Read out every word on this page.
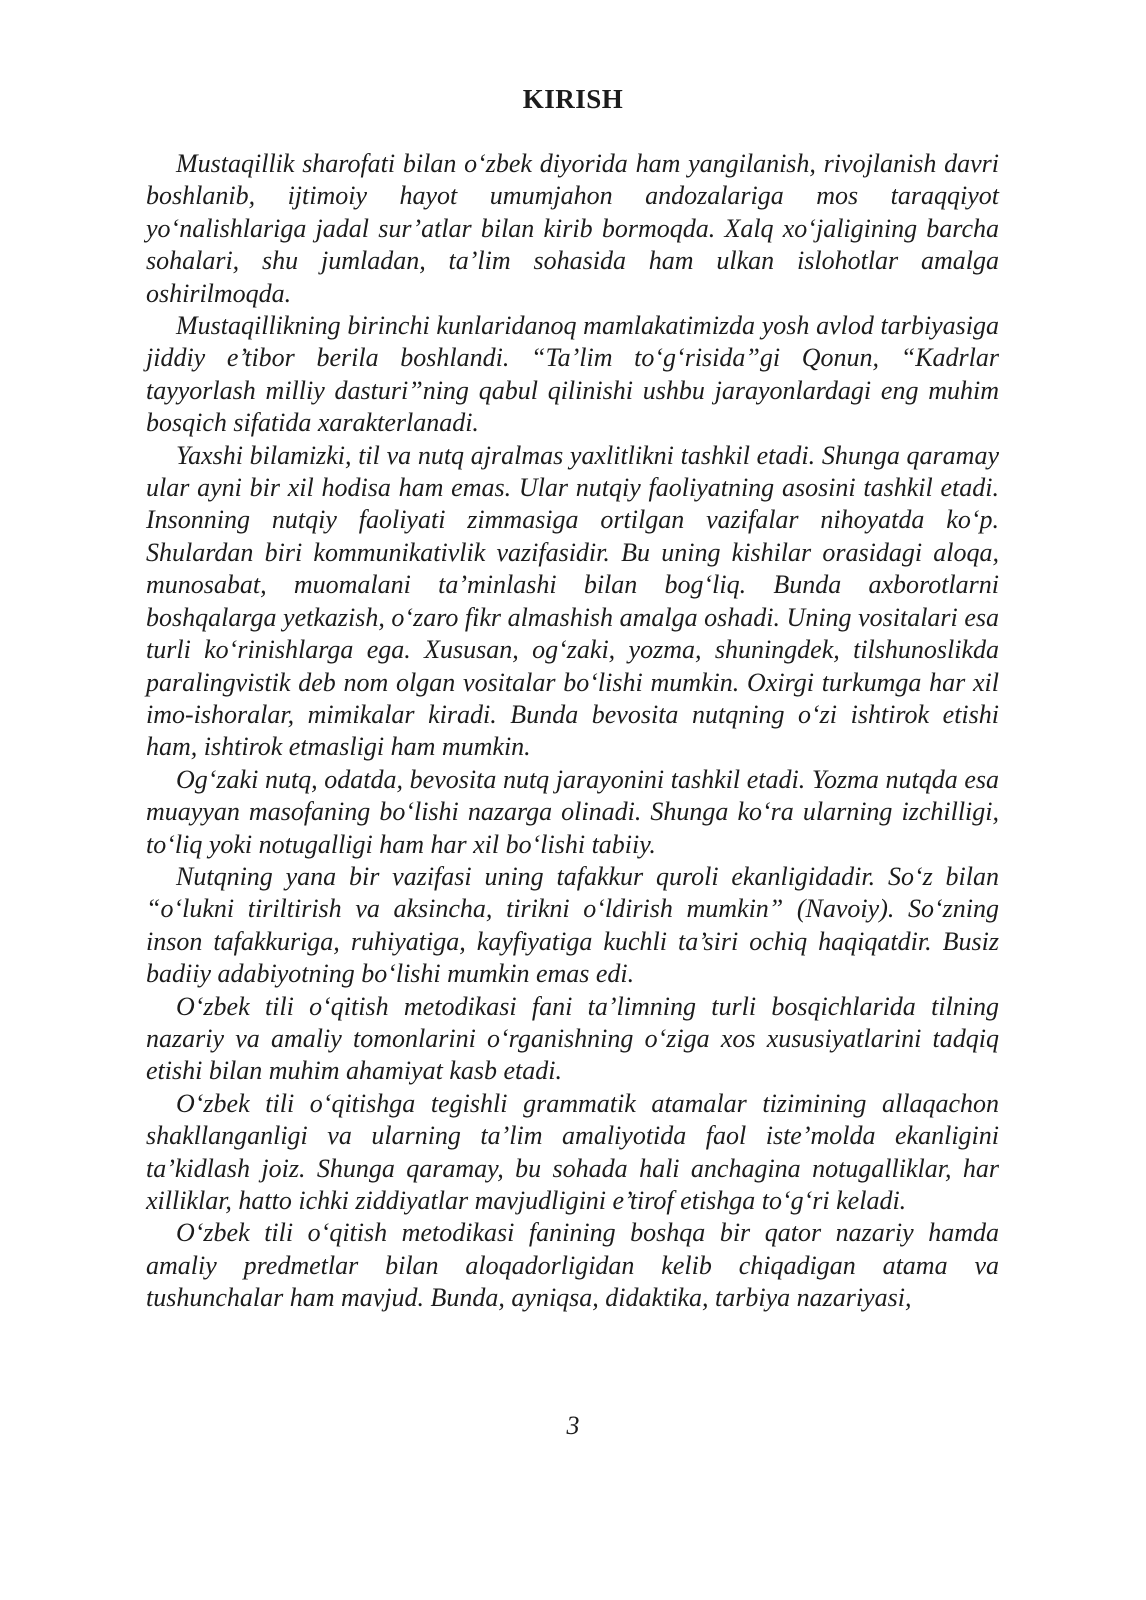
KIRISH

Mustaqillik sharofati bilan o‘zbek diyorida ham yangilanish, rivojlanish davri boshlanib, ijtimoiy hayot umumjahon andozalariga mos taraqqiyot yo‘nalishlariga jadal sur’atlar bilan kirib bormoqda. Xalq xo‘jaligining barcha sohalari, shu jumladan, ta’lim sohasida ham ulkan islohotlar amalga oshirilmoqda.

Mustaqillikning birinchi kunlaridanoq mamlakatimizda yosh avlod tarbiyasiga jiddiy e’tibor berila boshlandi. “Ta’lim to‘g‘risida”gi Qonun, “Kadrlar tayyorlash milliy dasturi”ning qabul qilinishi ushbu jarayonlardagi eng muhim bosqich sifatida xarakterlanadi.

Yaxshi bilamizki, til va nutq ajralmas yaxlitlikni tashkil etadi. Shunga qaramay ular ayni bir xil hodisa ham emas. Ular nutqiy faoliyatning asosini tashkil etadi. Insonning nutqiy faoliyati zimmasiga ortilgan vazifalar nihoyatda ko‘p. Shulardan biri kommunikativlik vazifasidir. Bu uning kishilar orasidagi aloqa, munosabat, muomalani ta’minlashi bilan bog‘liq. Bunda axborotlarni boshqalarga yetkazish, o‘zaro fikr almashish amalga oshadi. Uning vositalari esa turli ko‘rinishlarga ega. Xususan, og‘zaki, yozma, shuningdek, tilshunoslikda paralingvistik deb nom olgan vositalar bo‘lishi mumkin. Oxirgi turkumga har xil imo-ishoralar, mimikalar kiradi. Bunda bevosita nutqning o‘zi ishtirok etishi ham, ishtirok etmasligi ham mumkin.

Og‘zaki nutq, odatda, bevosita nutq jarayonini tashkil etadi. Yozma nutqda esa muayyan masofaning bo‘lishi nazarga olinadi. Shunga ko‘ra ularning izchilligi, to‘liq yoki notugalligi ham har xil bo‘lishi tabiiy.

Nutqning yana bir vazifasi uning tafakkur quroli ekanligidadir. So‘z bilan “o‘lukni tiriltirish va aksincha, tirikni o‘ldirish mumkin” (Navoiy). So‘zning inson tafakkuriga, ruhiyatiga, kayfiyatiga kuchli ta’siri ochiq haqiqatdir. Busiz badiiy adabiyotning bo‘lishi mumkin emas edi.

O‘zbek tili o‘qitish metodikasi fani ta’limning turli bosqichlarida tilning nazariy va amaliy tomonlarini o‘rganishning o‘ziga xos xususiyatlarini tadqiq etishi bilan muhim ahamiyat kasb etadi.

O‘zbek tili o‘qitishga tegishli grammatik atamalar tizimining allaqachon shakllanganligi va ularning ta’lim amaliyotida faol iste’molda ekanligini ta’kidlash joiz. Shunga qaramay, bu sohada hali anchagina notugalliklar, har xilliklar, hatto ichki ziddiyatlar mavjudligini e’tirof etishga to‘g‘ri keladi.

O‘zbek tili o‘qitish metodikasi fanining boshqa bir qator nazariy hamda amaliy predmetlar bilan aloqadorligidan kelib chiqadigan atama va tushunchalar ham mavjud. Bunda, ayniqsa, didaktika, tarbiya nazariyasi,

3
